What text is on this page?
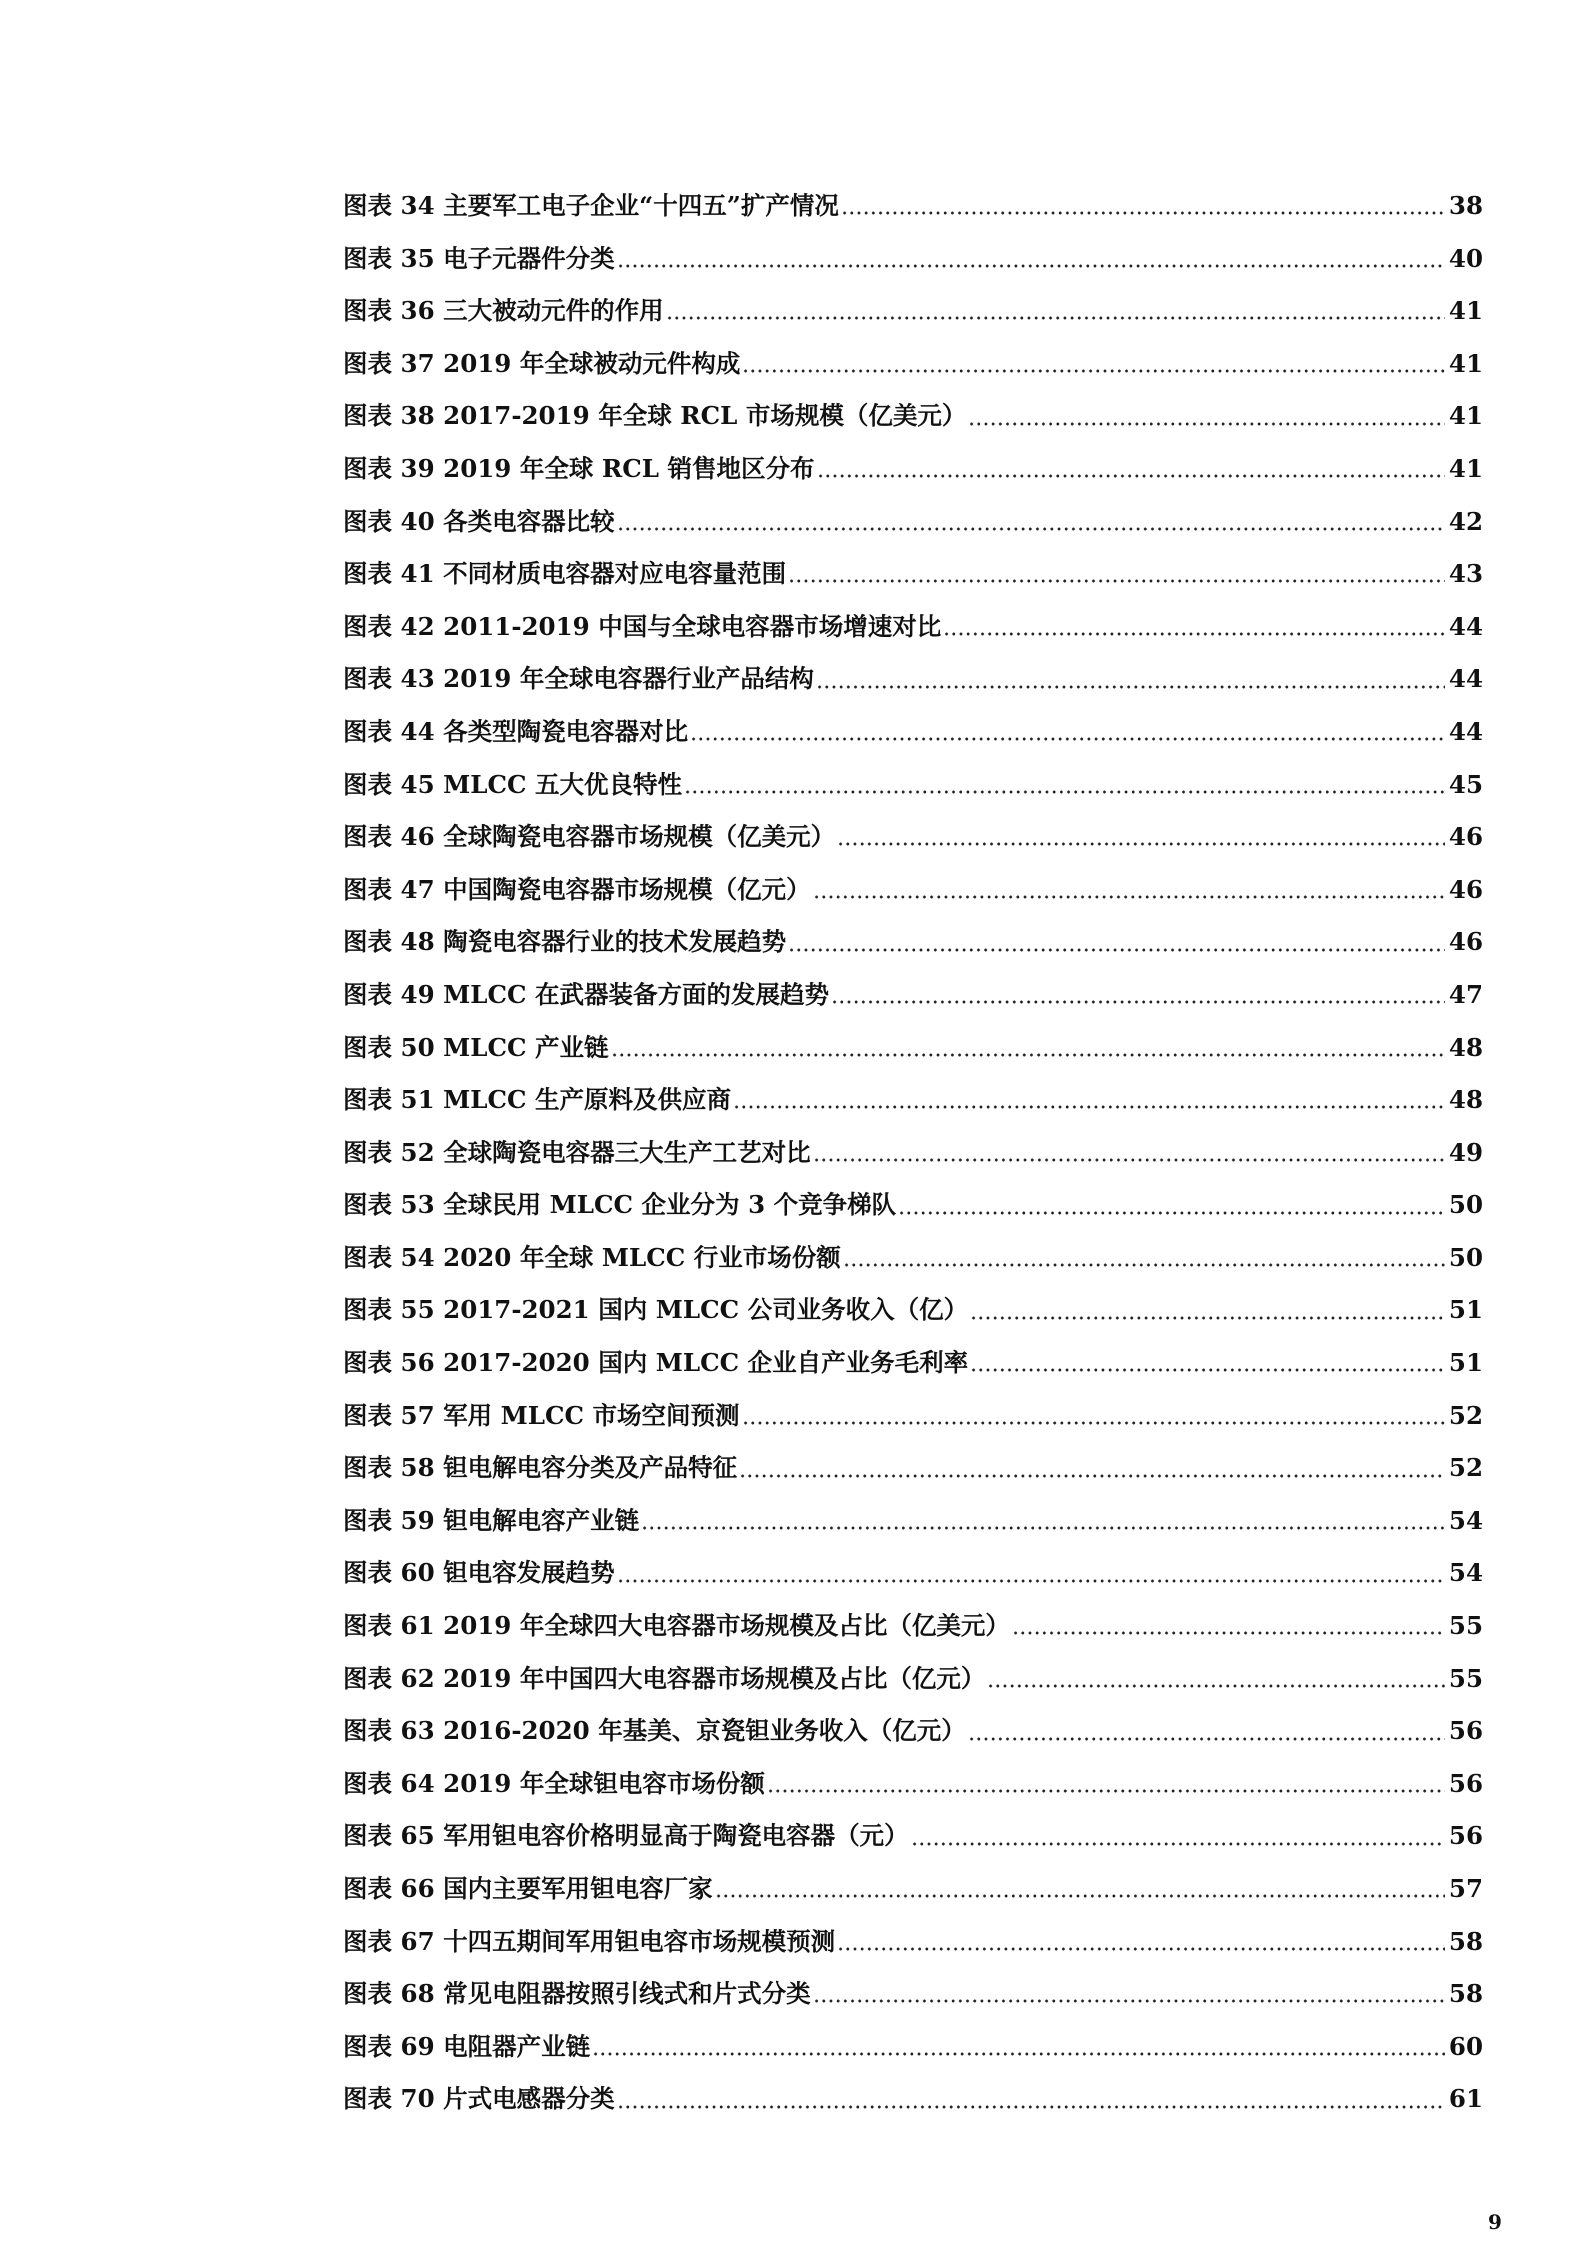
图表 34 主要军工电子企业“十四五”扩产情况	38
图表 35 电子元器件分类	40
图表 36 三大被动元件的作用	41
图表 37 2019 年全球被动元件构成	41
图表 38 2017-2019 年全球 RCL 市场规模（亿美元）	41
图表 39 2019 年全球 RCL 销售地区分布	41
图表 40 各类电容器比较	42
图表 41 不同材质电容器对应电容量范围	43
图表 42 2011-2019 中国与全球电容器市场增速对比	44
图表 43 2019 年全球电容器行业产品结构	44
图表 44 各类型陶瓷电容器对比	44
图表 45 MLCC 五大优良特性	45
图表 46 全球陶瓷电容器市场规模（亿美元）	46
图表 47 中国陶瓷电容器市场规模（亿元）	46
图表 48 陶瓷电容器行业的技术发展趋势	46
图表 49 MLCC 在武器装备方面的发展趋势	47
图表 50 MLCC 产业链	48
图表 51 MLCC 生产原料及供应商	48
图表 52 全球陶瓷电容器三大生产工艺对比	49
图表 53 全球民用 MLCC 企业分为 3 个竞争梯队	50
图表 54 2020 年全球 MLCC 行业市场份额	50
图表 55 2017-2021 国内 MLCC 公司业务收入（亿）	51
图表 56 2017-2020 国内 MLCC 企业自产业务毛利率	51
图表 57 军用 MLCC 市场空间预测	52
图表 58 钽电解电容分类及产品特征	52
图表 59 钽电解电容产业链	54
图表 60 钽电容发展趋势	54
图表 61 2019 年全球四大电容器市场规模及占比（亿美元）	55
图表 62 2019 年中国四大电容器市场规模及占比（亿元）	55
图表 63 2016-2020 年基美、京瓷钽业务收入（亿元）	56
图表 64 2019 年全球钽电容市场份额	56
图表 65 军用钽电容价格明显高于陶瓷电容器（元）	56
图表 66 国内主要军用钽电容厂家	57
图表 67 十四五期间军用钽电容市场规模预测	58
图表 68 常见电阻器按照引线式和片式分类	58
图表 69 电阻器产业链	60
图表 70 片式电感器分类	61
9
